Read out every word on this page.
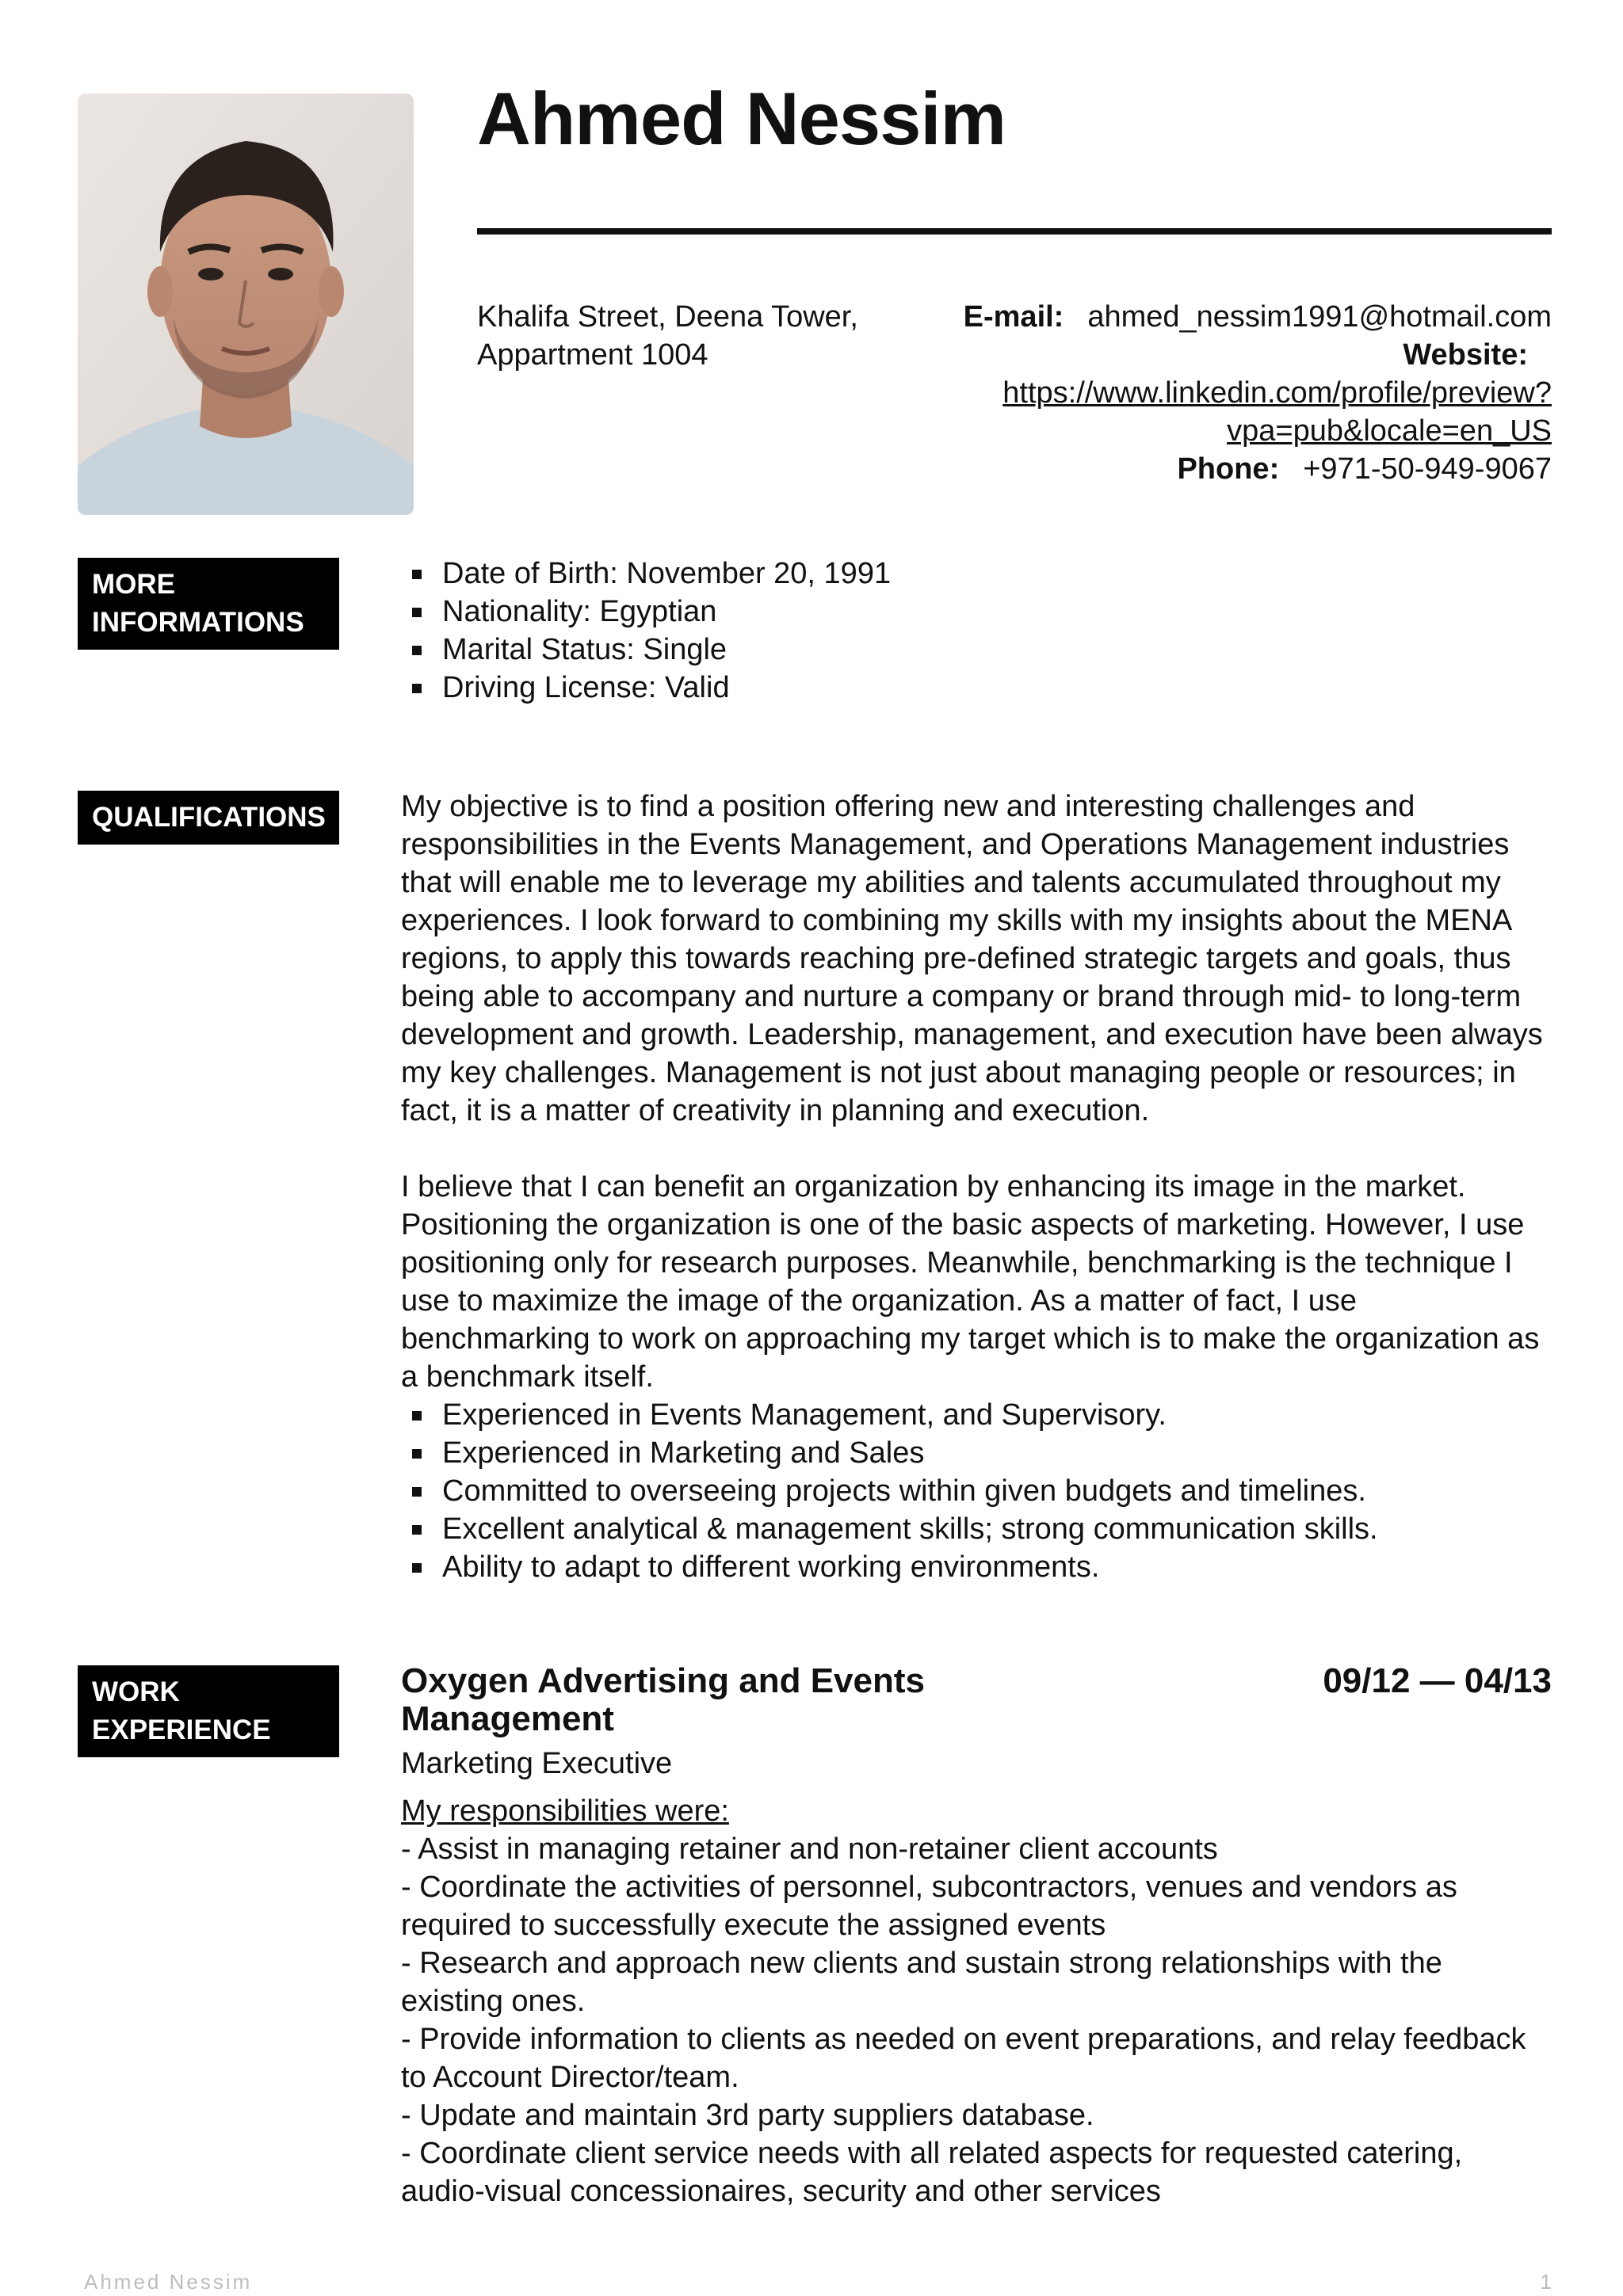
Ahmed Nessim
Khalifa Street, Deena Tower,
Appartment 1004
E-mail: ahmed_nessim1991@hotmail.com
Website:
https://www.linkedin.com/profile/preview?
vpa=pub&locale=en_US
Phone: +971-50-949-9067
MORE
INFORMATIONS
Date of Birth: November 20, 1991
Nationality: Egyptian
Marital Status: Single
Driving License: Valid
QUALIFICATIONS	My objective is to find a position offering new and interesting challenges and responsibilities in the Events Management, and Operations Management industries that will enable me to leverage my abilities and talents accumulated throughout my experiences. I look forward to combining my skills with my insights about the MENA regions, to apply this towards reaching pre-defined strategic targets and goals, thus being able to accompany and nurture a company or brand through mid- to long-term development and growth. Leadership, management, and execution have been always my key challenges. Management is not just about managing people or resources; in fact, it is a matter of creativity in planning and execution.

I believe that I can benefit an organization by enhancing its image in the market. Positioning the organization is one of the basic aspects of marketing. However, I use positioning only for research purposes. Meanwhile, benchmarking is the technique I use to maximize the image of the organization. As a matter of fact, I use benchmarking to work on approaching my target which is to make the organization as a benchmark itself.

Experienced in Events Management, and Supervisory.
Experienced in Marketing and Sales
Committed to overseeing projects within given budgets and timelines.
Excellent analytical & management skills; strong communication skills.
Ability to adapt to different working environments.
WORK
EXPERIENCE
Oxygen Advertising and Events Management
09/12 — 04/13
Marketing Executive
My responsibilities were:
- Assist in managing retainer and non-retainer client accounts
- Coordinate the activities of personnel, subcontractors, venues and vendors as required to successfully execute the assigned events
- Research and approach new clients and sustain strong relationships with the existing ones.
- Provide information to clients as needed on event preparations, and relay feedback to Account Director/team.
- Update and maintain 3rd party suppliers database.
- Coordinate client service needs with all related aspects for requested catering, audio-visual concessionaires, security and other services
Ahmed Nessim	1
